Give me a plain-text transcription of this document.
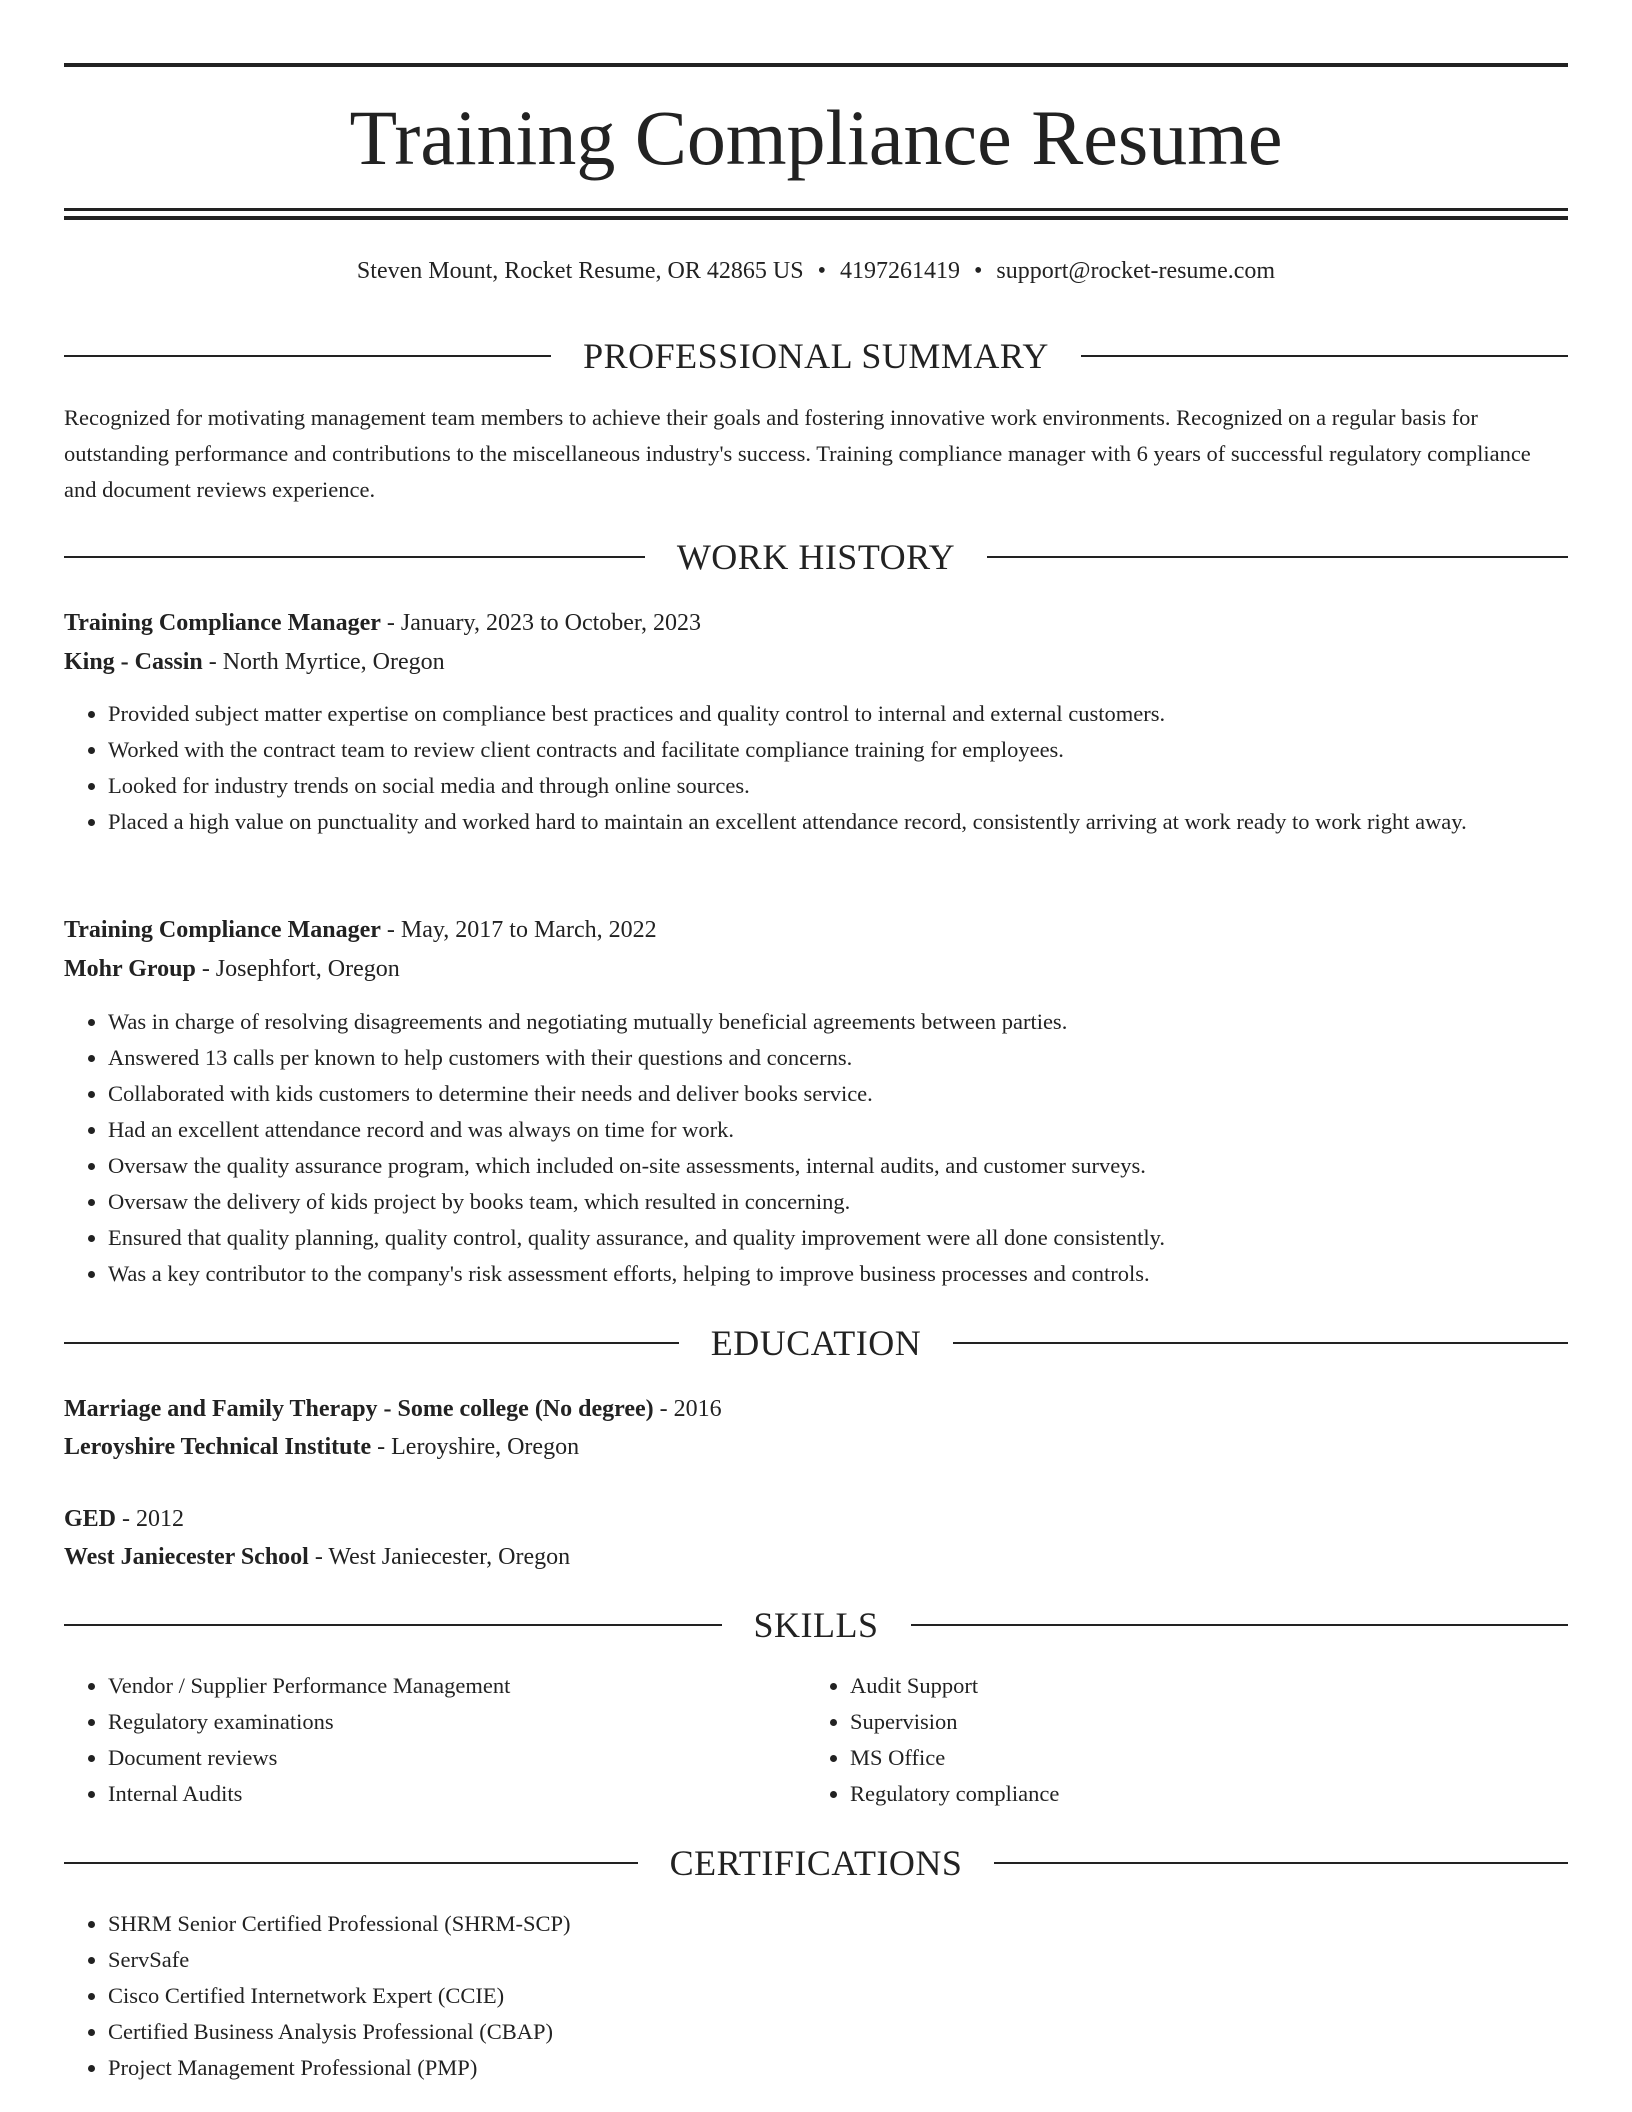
Training Compliance Resume
Steven Mount, Rocket Resume, OR 42865 US • 4197261419 • support@rocket-resume.com
PROFESSIONAL SUMMARY
Recognized for motivating management team members to achieve their goals and fostering innovative work environments. Recognized on a regular basis for outstanding performance and contributions to the miscellaneous industry's success. Training compliance manager with 6 years of successful regulatory compliance and document reviews experience.
WORK HISTORY
Training Compliance Manager - January, 2023 to October, 2023
King - Cassin - North Myrtice, Oregon
• Provided subject matter expertise on compliance best practices and quality control to internal and external customers.
• Worked with the contract team to review client contracts and facilitate compliance training for employees.
• Looked for industry trends on social media and through online sources.
• Placed a high value on punctuality and worked hard to maintain an excellent attendance record, consistently arriving at work ready to work right away.
Training Compliance Manager - May, 2017 to March, 2022
Mohr Group - Josephfort, Oregon
• Was in charge of resolving disagreements and negotiating mutually beneficial agreements between parties.
• Answered 13 calls per known to help customers with their questions and concerns.
• Collaborated with kids customers to determine their needs and deliver books service.
• Had an excellent attendance record and was always on time for work.
• Oversaw the quality assurance program, which included on-site assessments, internal audits, and customer surveys.
• Oversaw the delivery of kids project by books team, which resulted in concerning.
• Ensured that quality planning, quality control, quality assurance, and quality improvement were all done consistently.
• Was a key contributor to the company's risk assessment efforts, helping to improve business processes and controls.
EDUCATION
Marriage and Family Therapy - Some college (No degree) - 2016
Leroyshire Technical Institute - Leroyshire, Oregon
GED - 2012
West Janiecester School - West Janiecester, Oregon
SKILLS
• Vendor / Supplier Performance Management
• Regulatory examinations
• Document reviews
• Internal Audits
• Audit Support
• Supervision
• MS Office
• Regulatory compliance
CERTIFICATIONS
• SHRM Senior Certified Professional (SHRM-SCP)
• ServSafe
• Cisco Certified Internetwork Expert (CCIE)
• Certified Business Analysis Professional (CBAP)
• Project Management Professional (PMP)
